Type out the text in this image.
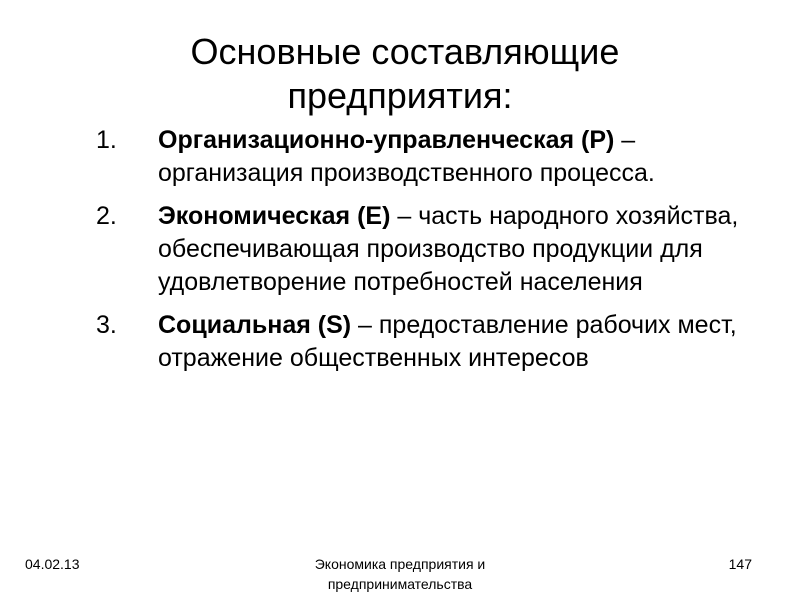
Основные составляющие
предприятия:
1.	Организационно-управленческая (P) – организация производственного процесса.
2.	Экономическая (E) – часть народного хозяйства, обеспечивающая производство продукции для удовлетворение потребностей населения
3.	Социальная (S) – предоставление рабочих мест, отражение общественных интересов
04.02.13	Экономика предприятия и
предпринимательства
147
